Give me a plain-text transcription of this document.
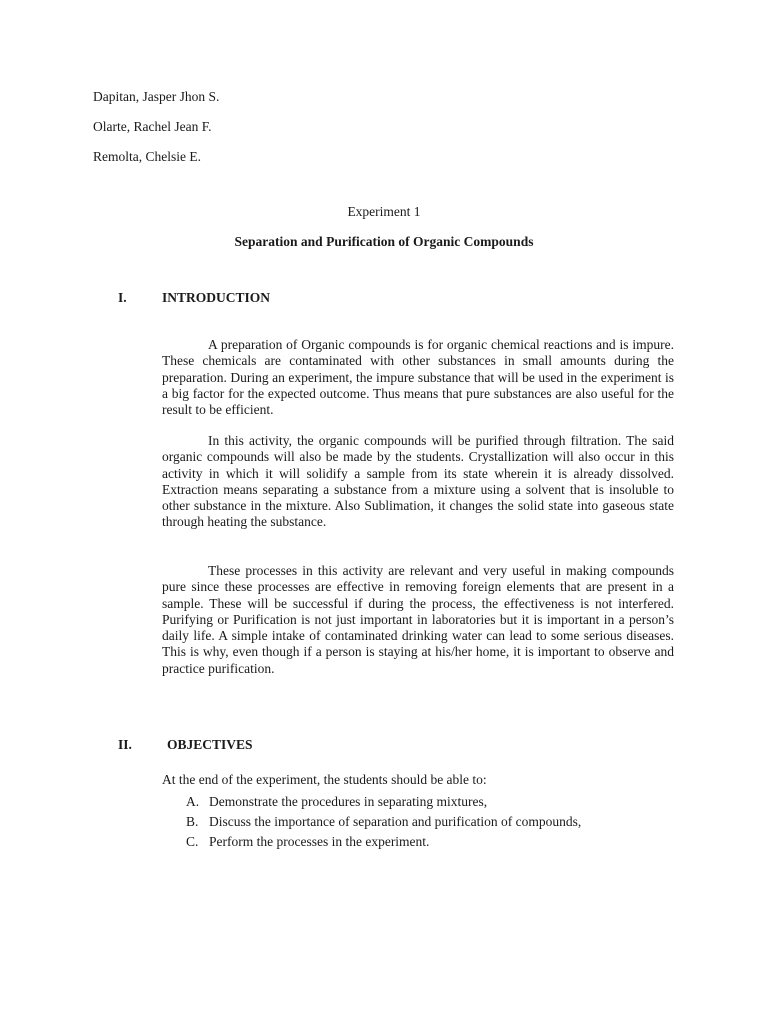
Dapitan, Jasper Jhon S.
Olarte, Rachel Jean F.
Remolta, Chelsie E.
Experiment 1
Separation and Purification of Organic Compounds
I.	INTRODUCTION

A preparation of Organic compounds is for organic chemical reactions and is impure. These chemicals are contaminated with other substances in small amounts during the preparation. During an experiment, the impure substance that will be used in the experiment is a big factor for the expected outcome. Thus means that pure substances are also useful for the result to be efficient.

In this activity, the organic compounds will be purified through filtration. The said organic compounds will also be made by the students. Crystallization will also occur in this activity in which it will solidify a sample from its state wherein it is already dissolved. Extraction means separating a substance from a mixture using a solvent that is insoluble to other substance in the mixture. Also Sublimation, it changes the solid state into gaseous state through heating the substance.

These processes in this activity are relevant and very useful in making compounds pure since these processes are effective in removing foreign elements that are present in a sample. These will be successful if during the process, the effectiveness is not interfered. Purifying or Purification is not just important in laboratories but it is important in a person’s daily life. A simple intake of contaminated drinking water can lead to some serious diseases. This is why, even though if a person is staying at his/her home, it is important to observe and practice purification.

II.	OBJECTIVES
At the end of the experiment, the students should be able to:
A. Demonstrate the procedures in separating mixtures,
B. Discuss the importance of separation and purification of compounds,
C. Perform the processes in the experiment.
